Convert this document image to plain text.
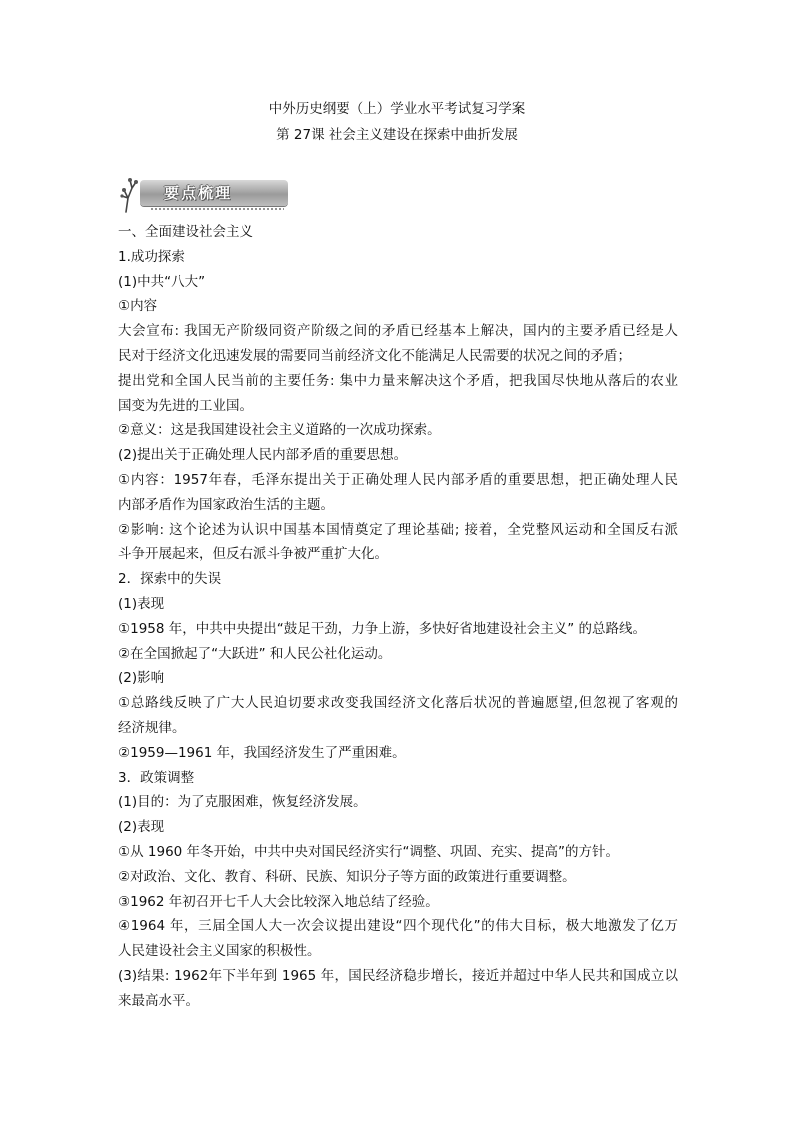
中外历史纲要（上）学业水平考试复习学案
第 27课 社会主义建设在探索中曲折发展
要点梳理
一、全面建设社会主义
1.成功探索
(1)中共“八大”
①内容
大会宣布: 我国无产阶级同资产阶级之间的矛盾已经基本上解决，国内的主要矛盾已经是人
民对于经济文化迅速发展的需要同当前经济文化不能满足人民需要的状况之间的矛盾；
提出党和全国人民当前的主要任务: 集中力量来解决这个矛盾，把我国尽快地从落后的农业
国变为先进的工业国。
②意义：这是我国建设社会主义道路的一次成功探索。
(2)提出关于正确处理人民内部矛盾的重要思想。
①内容：1957年春，毛泽东提出关于正确处理人民内部矛盾的重要思想，把正确处理人民
内部矛盾作为国家政治生活的主题。
②影响: 这个论述为认识中国基本国情奠定了理论基础; 接着，全党整风运动和全国反右派
斗争开展起来，但反右派斗争被严重扩大化。
2．探索中的失误
(1)表现
①1958 年，中共中央提出“鼓足干劲，力争上游，多快好省地建设社会主义” 的总路线。
②在全国掀起了“大跃进” 和人民公社化运动。
(2)影响
①总路线反映了广大人民迫切要求改变我国经济文化落后状况的普遍愿望,但忽视了客观的
经济规律。
②1959—1961 年，我国经济发生了严重困难。
3．政策调整
(1)目的：为了克服困难，恢复经济发展。
(2)表现
①从 1960 年冬开始，中共中央对国民经济实行“调整、巩固、充实、提高”的方针。
②对政治、文化、教育、科研、民族、知识分子等方面的政策进行重要调整。
③1962 年初召开七千人大会比较深入地总结了经验。
④1964 年，三届全国人大一次会议提出建设“四个现代化”的伟大目标，极大地激发了亿万
人民建设社会主义国家的积极性。
(3)结果: 1962年下半年到 1965 年，国民经济稳步增长，接近并超过中华人民共和国成立以
来最高水平。
